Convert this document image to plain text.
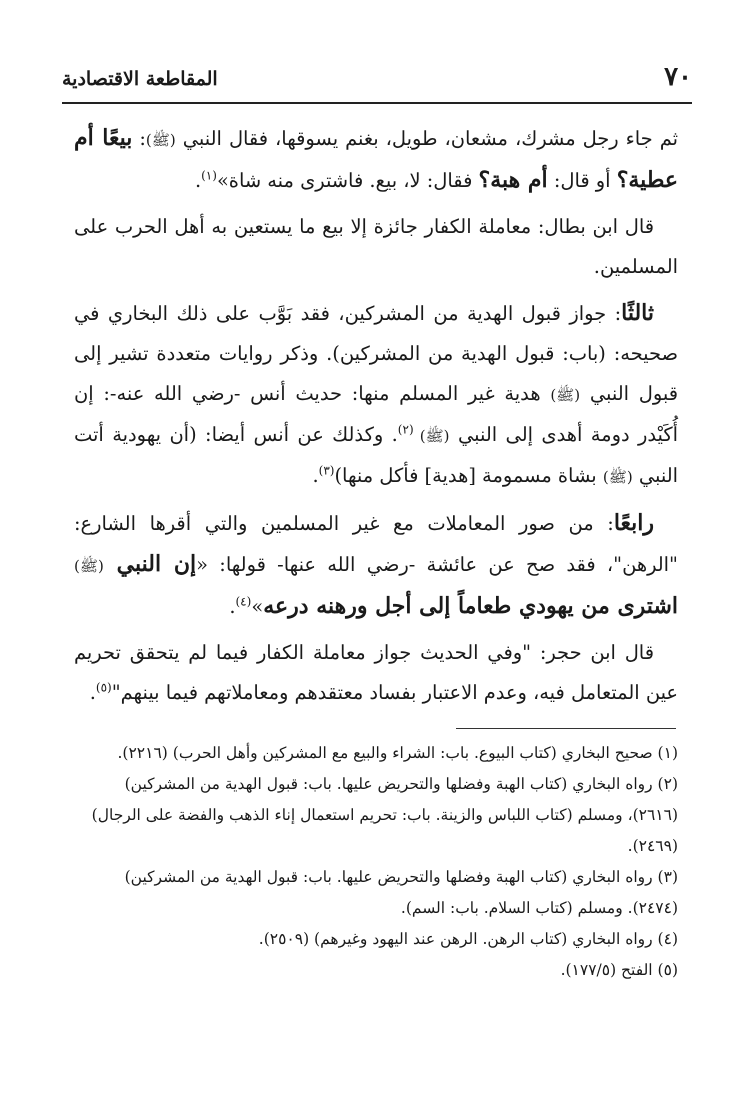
٧٠
المقاطعة الاقتصادية

ثم جاء رجل مشرك، مشعان، طويل، بغنم يسوقها، فقال النبي (ﷺ): بيعًا أم عطية؟ أو قال: أم هبة؟ فقال: لا، بيع. فاشترى منه شاة»$^{(١)}$.

قال ابن بطال: معاملة الكفار جائزة إلا بيع ما يستعين به أهل الحرب على المسلمين.

ثالثًا: جواز قبول الهدية من المشركين، فقد بَوَّب على ذلك البخاري في صحيحه: (باب: قبول الهدية من المشركين). وذكر روايات متعددة تشير إلى قبول النبي (ﷺ) هدية غير المسلم منها: حديث أنس -رضي الله عنه-: إن أُكَيْدر دومة أهدى إلى النبي (ﷺ) $^{(٢)}$. وكذلك عن أنس أيضا: (أن يهودية أتت النبي (ﷺ) بشاة مسمومة [هدية] فأكل منها)$^{(٣)}$.

رابعًا: من صور المعاملات مع غير المسلمين والتي أقرها الشارع: "الرهن"، فقد صح عن عائشة -رضي الله عنها- قولها: «إن النبي (ﷺ) اشترى من يهودي طعاماً إلى أجل ورهنه درعه»$^{(٤)}$.

قال ابن حجر: "وفي الحديث جواز معاملة الكفار فيما لم يتحقق تحريم عين المتعامل فيه، وعدم الاعتبار بفساد معتقدهم ومعاملاتهم فيما بينهم"$^{(٥)}$.

(١) صحيح البخاري (كتاب البيوع. باب: الشراء والبيع مع المشركين وأهل الحرب) (٢٢١٦).

(٢) رواه البخاري (كتاب الهبة وفضلها والتحريض عليها. باب: قبول الهدية من المشركين) (٢٦١٦)، ومسلم (كتاب اللباس والزينة. باب: تحريم استعمال إناء الذهب والفضة على الرجال) (٢٤٦٩).

(٣) رواه البخاري (كتاب الهبة وفضلها والتحريض عليها. باب: قبول الهدية من المشركين) (٢٤٧٤). ومسلم (كتاب السلام. باب: السم).

(٤) رواه البخاري (كتاب الرهن. الرهن عند اليهود وغيرهم) (٢٥٠٩).

(٥) الفتح (١٧٧/٥).
